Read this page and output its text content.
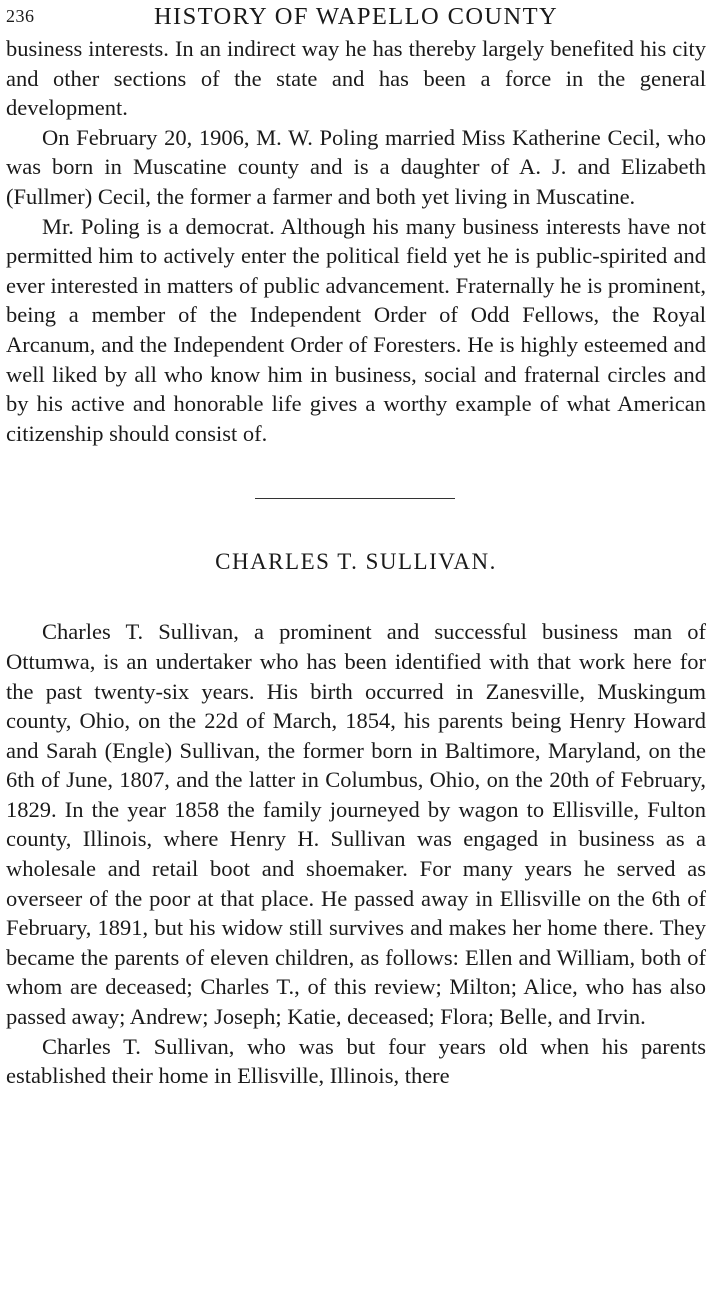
236	HISTORY OF WAPELLO COUNTY

business interests. In an indirect way he has thereby largely benefited his city and other sections of the state and has been a force in the general development.

On February 20, 1906, M. W. Poling married Miss Katherine Cecil, who was born in Muscatine county and is a daughter of A. J. and Elizabeth (Fullmer) Cecil, the former a farmer and both yet living in Muscatine.

Mr. Poling is a democrat. Although his many business interests have not permitted him to actively enter the political field yet he is public-spirited and ever interested in matters of public advancement. Fraternally he is prominent, being a member of the Independent Order of Odd Fellows, the Royal Arcanum, and the Independent Order of Foresters. He is highly esteemed and well liked by all who know him in business, social and fraternal circles and by his active and honorable life gives a worthy example of what American citizenship should consist of.

CHARLES T. SULLIVAN.

Charles T. Sullivan, a prominent and successful business man of Ottumwa, is an undertaker who has been identified with that work here for the past twenty-six years. His birth occurred in Zanesville, Muskingum county, Ohio, on the 22d of March, 1854, his parents being Henry Howard and Sarah (Engle) Sullivan, the former born in Baltimore, Maryland, on the 6th of June, 1807, and the latter in Columbus, Ohio, on the 20th of February, 1829. In the year 1858 the family journeyed by wagon to Ellisville, Fulton county, Illinois, where Henry H. Sullivan was engaged in business as a wholesale and retail boot and shoemaker. For many years he served as overseer of the poor at that place. He passed away in Ellisville on the 6th of February, 1891, but his widow still survives and makes her home there. They became the parents of eleven children, as follows: Ellen and William, both of whom are deceased; Charles T., of this review; Milton; Alice, who has also passed away; Andrew; Joseph; Katie, deceased; Flora; Belle, and Irvin.

Charles T. Sullivan, who was but four years old when his parents established their home in Ellisville, Illinois, there
